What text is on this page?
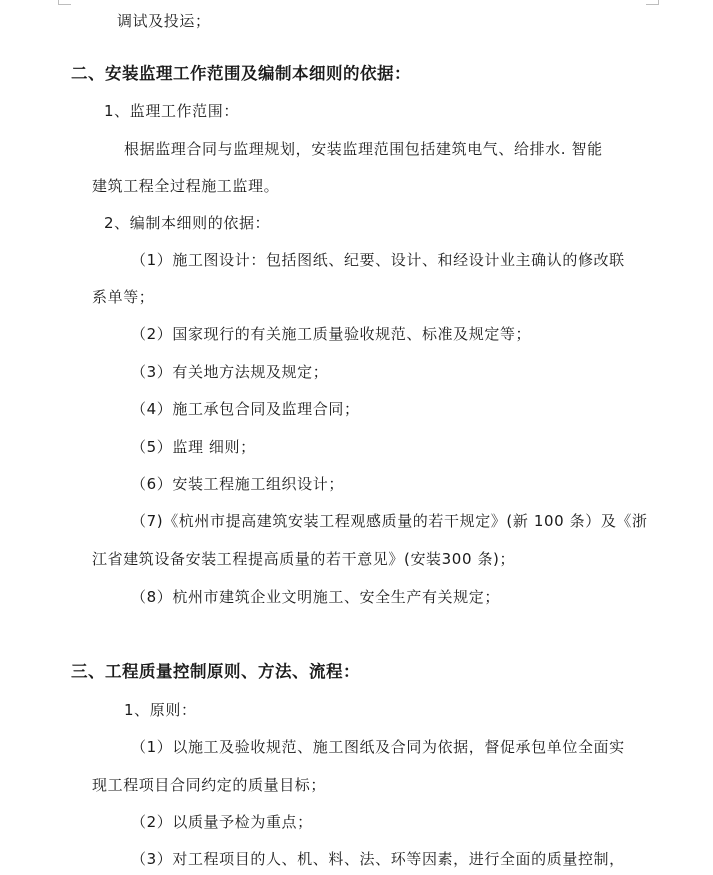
调试及投运；
二、安装监理工作范围及编制本细则的依据：
1、监理工作范围：
根据监理合同与监理规划，安装监理范围包括建筑电气、给排水. 智能
建筑工程全过程施工监理。
2、编制本细则的依据：
（1）施工图设计：包括图纸、纪要、设计、和经设计业主确认的修改联
系单等；
（2）国家现行的有关施工质量验收规范、标准及规定等；
（3）有关地方法规及规定；
（4）施工承包合同及监理合同；
（5）监理 细则；
（6）安装工程施工组织设计；
（7)《杭州市提高建筑安装工程观感质量的若干规定》(新 100 条）及《浙
江省建筑设备安装工程提高质量的若干意见》(安装300 条)；
（8）杭州市建筑企业文明施工、安全生产有关规定；
三、工程质量控制原则、方法、流程：
1、原则：
（1）以施工及验收规范、施工图纸及合同为依据，督促承包单位全面实
现工程项目合同约定的质量目标；
（2）以质量予检为重点；
（3）对工程项目的人、机、料、法、环等因素，进行全面的质量控制，
